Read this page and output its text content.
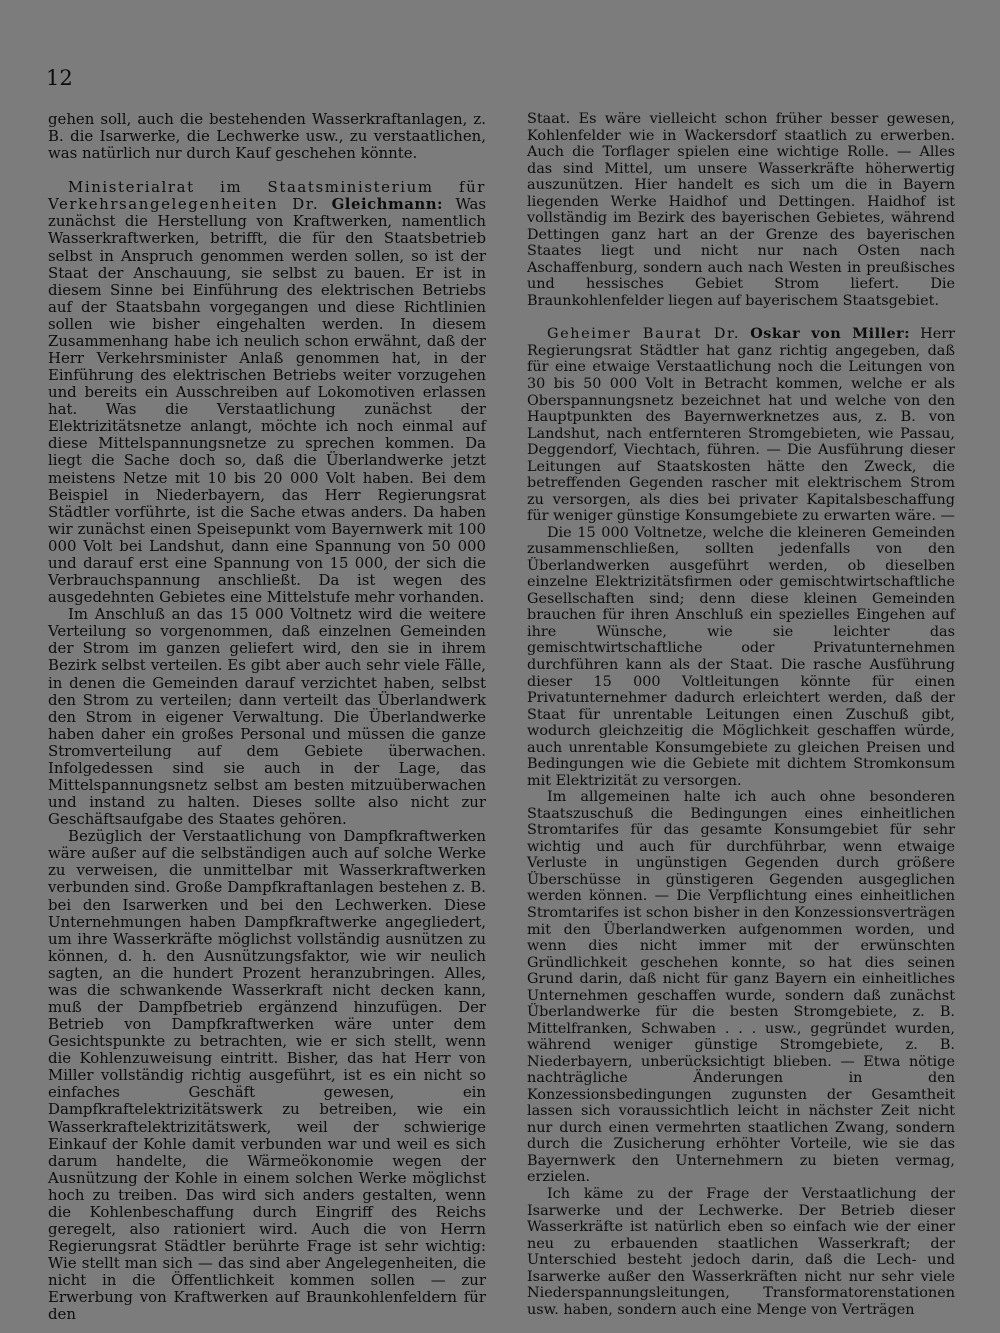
12

gehen soll, auch die bestehenden Wasserkraftanlagen, z. B. die Isarwerke, die Lechwerke usw., zu verstaatlichen, was natürlich nur durch Kauf geschehen könnte.

Ministerialrat im Staatsministerium für Verkehrsangelegenheiten Dr. Gleichmann: Was zunächst die Herstellung von Kraftwerken, namentlich Wasserkraftwerken, betrifft, die für den Staatsbetrieb selbst in Anspruch genommen werden sollen, so ist der Staat der Anschauung, sie selbst zu bauen. Er ist in diesem Sinne bei Einführung des elektrischen Betriebs auf der Staatsbahn vorgegangen und diese Richtlinien sollen wie bisher eingehalten werden. In diesem Zusammenhang habe ich neulich schon erwähnt, daß der Herr Verkehrsminister Anlaß genommen hat, in der Einführung des elektrischen Betriebs weiter vorzugehen und bereits ein Ausschreiben auf Lokomotiven erlassen hat. Was die Verstaatlichung zunächst der Elektrizitätsnetze anlangt, möchte ich noch einmal auf diese Mittelspannungsnetze zu sprechen kommen. Da liegt die Sache doch so, daß die Überlandwerke jetzt meistens Netze mit 10 bis 20 000 Volt haben. Bei dem Beispiel in Niederbayern, das Herr Regierungsrat Städtler vorführte, ist die Sache etwas anders. Da haben wir zunächst einen Speisepunkt vom Bayernwerk mit 100 000 Volt bei Landshut, dann eine Spannung von 50 000 und darauf erst eine Spannung von 15 000, der sich die Verbrauchspannung anschließt. Da ist wegen des ausgedehnten Gebietes eine Mittelstufe mehr vorhanden.

Im Anschluß an das 15 000 Voltnetz wird die weitere Verteilung so vorgenommen, daß einzelnen Gemeinden der Strom im ganzen geliefert wird, den sie in ihrem Bezirk selbst verteilen. Es gibt aber auch sehr viele Fälle, in denen die Gemeinden darauf verzichtet haben, selbst den Strom zu verteilen; dann verteilt das Überlandwerk den Strom in eigener Verwaltung. Die Überlandwerke haben daher ein großes Personal und müssen die ganze Stromverteilung auf dem Gebiete überwachen. Infolgedessen sind sie auch in der Lage, das Mittelspannungsnetz selbst am besten mitzuüberwachen und instand zu halten. Dieses sollte also nicht zur Geschäftsaufgabe des Staates gehören.

Bezüglich der Verstaatlichung von Dampfkraftwerken wäre außer auf die selbständigen auch auf solche Werke zu verweisen, die unmittelbar mit Wasserkraftwerken verbunden sind. Große Dampfkraftanlagen bestehen z. B. bei den Isarwerken und bei den Lechwerken. Diese Unternehmungen haben Dampfkraftwerke angegliedert, um ihre Wasserkräfte möglichst vollständig ausnützen zu können, d. h. den Ausnützungsfaktor, wie wir neulich sagten, an die hundert Prozent heranzubringen. Alles, was die schwankende Wasserkraft nicht decken kann, muß der Dampfbetrieb ergänzend hinzufügen. Der Betrieb von Dampfkraftwerken wäre unter dem Gesichtspunkte zu betrachten, wie er sich stellt, wenn die Kohlenzuweisung eintritt. Bisher, das hat Herr von Miller vollständig richtig ausgeführt, ist es ein nicht so einfaches Geschäft gewesen, ein Dampfkraftelektrizitätswerk zu betreiben, wie ein Wasserkraftelektrizitätswerk, weil der schwierige Einkauf der Kohle damit verbunden war und weil es sich darum handelte, die Wärmeökonomie wegen der Ausnützung der Kohle in einem solchen Werke möglichst hoch zu treiben. Das wird sich anders gestalten, wenn die Kohlenbeschaffung durch Eingriff des Reichs geregelt, also rationiert wird. Auch die von Herrn Regierungsrat Städtler berührte Frage ist sehr wichtig: Wie stellt man sich — das sind aber Angelegenheiten, die nicht in die Öffentlichkeit kommen sollen — zur Erwerbung von Kraftwerken auf Braunkohlenfeldern für den

Staat. Es wäre vielleicht schon früher besser gewesen, Kohlenfelder wie in Wackersdorf staatlich zu erwerben. Auch die Torflager spielen eine wichtige Rolle. — Alles das sind Mittel, um unsere Wasserkräfte höherwertig auszunützen. Hier handelt es sich um die in Bayern liegenden Werke Haidhof und Dettingen. Haidhof ist vollständig im Bezirk des bayerischen Gebietes, während Dettingen ganz hart an der Grenze des bayerischen Staates liegt und nicht nur nach Osten nach Aschaffenburg, sondern auch nach Westen in preußisches und hessisches Gebiet Strom liefert. Die Braunkohlenfelder liegen auf bayerischem Staatsgebiet.

Geheimer Baurat Dr. Oskar von Miller: Herr Regierungsrat Städtler hat ganz richtig angegeben, daß für eine etwaige Verstaatlichung noch die Leitungen von 30 bis 50 000 Volt in Betracht kommen, welche er als Oberspannungsnetz bezeichnet hat und welche von den Hauptpunkten des Bayernwerknetzes aus, z. B. von Landshut, nach entfernteren Stromgebieten, wie Passau, Deggendorf, Viechtach, führen. — Die Ausführung dieser Leitungen auf Staatskosten hätte den Zweck, die betreffenden Gegenden rascher mit elektrischem Strom zu versorgen, als dies bei privater Kapitalsbeschaffung für weniger günstige Konsumgebiete zu erwarten wäre. —

Die 15 000 Voltnetze, welche die kleineren Gemeinden zusammenschließen, sollten jedenfalls von den Überlandwerken ausgeführt werden, ob dieselben einzelne Elektrizitätsfirmen oder gemischtwirtschaftliche Gesellschaften sind; denn diese kleinen Gemeinden brauchen für ihren Anschluß ein spezielles Eingehen auf ihre Wünsche, wie sie leichter das gemischtwirtschaftliche oder Privatunternehmen durchführen kann als der Staat. Die rasche Ausführung dieser 15 000 Voltleitungen könnte für einen Privatunternehmer dadurch erleichtert werden, daß der Staat für unrentable Leitungen einen Zuschuß gibt, wodurch gleichzeitig die Möglichkeit geschaffen würde, auch unrentable Konsumgebiete zu gleichen Preisen und Bedingungen wie die Gebiete mit dichtem Stromkonsum mit Elektrizität zu versorgen.

Im allgemeinen halte ich auch ohne besonderen Staatszuschuß die Bedingungen eines einheitlichen Stromtarifes für das gesamte Konsumgebiet für sehr wichtig und auch für durchführbar, wenn etwaige Verluste in ungünstigen Gegenden durch größere Überschüsse in günstigeren Gegenden ausgeglichen werden können. — Die Verpflichtung eines einheitlichen Stromtarifes ist schon bisher in den Konzessionsverträgen mit den Überlandwerken aufgenommen worden, und wenn dies nicht immer mit der erwünschten Gründlichkeit geschehen konnte, so hat dies seinen Grund darin, daß nicht für ganz Bayern ein einheitliches Unternehmen geschaffen wurde, sondern daß zunächst Überlandwerke für die besten Stromgebiete, z. B. Mittelfranken, Schwaben . . . usw., gegründet wurden, während weniger günstige Stromgebiete, z. B. Niederbayern, unberücksichtigt blieben. — Etwa nötige nachträgliche Änderungen in den Konzessionsbedingungen zugunsten der Gesamtheit lassen sich voraussichtlich leicht in nächster Zeit nicht nur durch einen vermehrten staatlichen Zwang, sondern durch die Zusicherung erhöhter Vorteile, wie sie das Bayernwerk den Unternehmern zu bieten vermag, erzielen.

Ich käme zu der Frage der Verstaatlichung der Isarwerke und der Lechwerke. Der Betrieb dieser Wasserkräfte ist natürlich eben so einfach wie der einer neu zu erbauenden staatlichen Wasserkraft; der Unterschied besteht jedoch darin, daß die Lech- und Isarwerke außer den Wasserkräften nicht nur sehr viele Niederspannungsleitungen, Transformatorenstationen usw. haben, sondern auch eine Menge von Verträgen
